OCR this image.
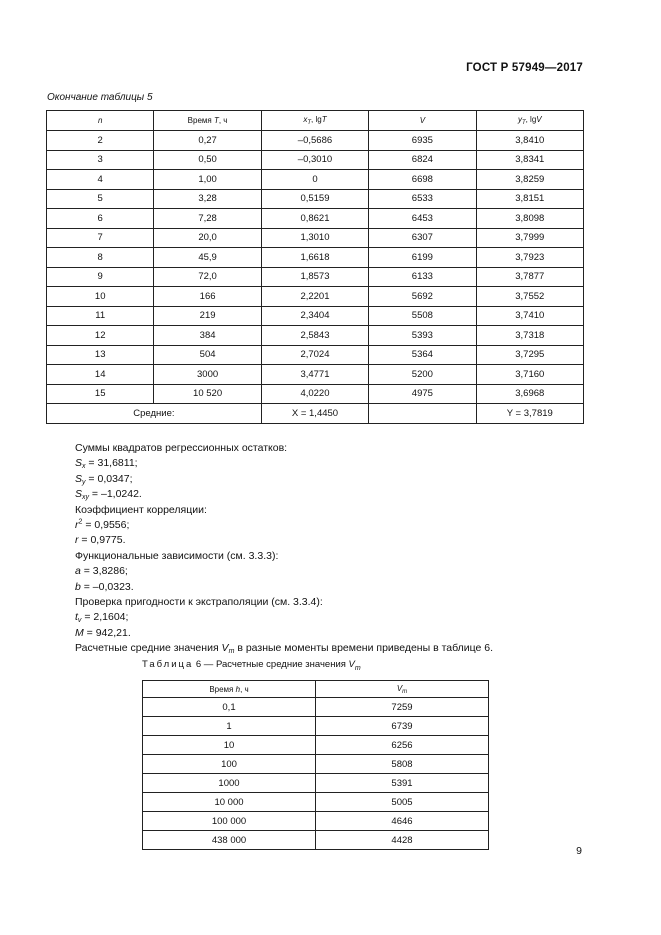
ГОСТ Р 57949—2017
Окончание таблицы 5
n	Время T, ч	$x_T$, lgT	V	$y_T$, lgV
2	0,27	–0,5686	6935	3,8410
3	0,50	–0,3010	6824	3,8341
4	1,00	0	6698	3,8259
5	3,28	0,5159	6533	3,8151
6	7,28	0,8621	6453	3,8098
7	20,0	1,3010	6307	3,7999
8	45,9	1,6618	6199	3,7923
9	72,0	1,8573	6133	3,7877
10	166	2,2201	5692	3,7552
11	219	2,3404	5508	3,7410
12	384	2,5843	5393	3,7318
13	504	2,7024	5364	3,7295
14	3000	3,4771	5200	3,7160
15	10 520	4,0220	4975	3,6968
Средние:		X = 1,4450		Y = 3,7819
Суммы квадратов регрессионных остатков:
$S_x = 31,6811$;
$S_y = 0,0347$;
$S_{xy} = -1,0242$.
Коэффициент корреляции:
$r^2 = 0,9556$;
r = 0,9775.
Функциональные зависимости (см. 3.3.3):
a = 3,8286;
b = –0,0323.
Проверка пригодности к экстраполяции (см. 3.3.4):
$t_v = 2,1604$;
M = 942,21.
Расчетные средние значения $V_m$ в разные моменты времени приведены в таблице 6.
Таблица 6 — Расчетные средние значения $V_m$
Время h, ч	$V_m$
0,1	7259
1	6739
10	6256
100	5808
1000	5391
10 000	5005
100 000	4646
438 000	4428
9
